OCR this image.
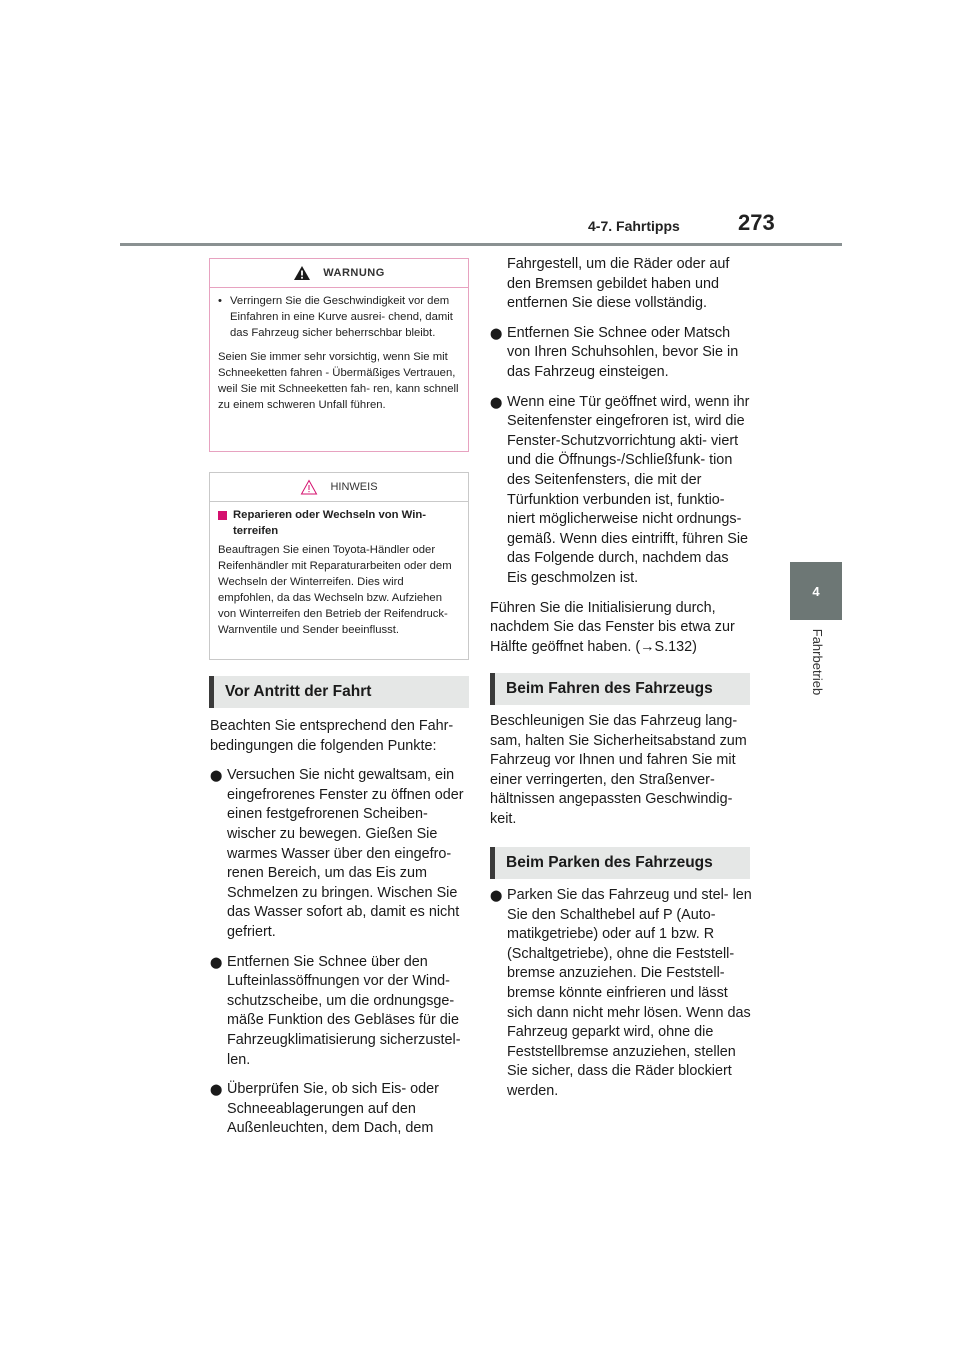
4-7. Fahrtipps	273
4
Fahrbetrieb
WARNUNG
• Verringern Sie die Geschwindigkeit vor dem Einfahren in eine Kurve ausrei- chend, damit das Fahrzeug sicher beherrschbar bleibt.
Seien Sie immer sehr vorsichtig, wenn Sie mit Schneeketten fahren - Übermäßiges Vertrauen, weil Sie mit Schneeketten fah- ren, kann schnell zu einem schweren Unfall führen.
HINWEIS
Reparieren oder Wechseln von Win- terreifen
Beauftragen Sie einen Toyota-Händler oder Reifenhändler mit Reparaturarbeiten oder dem Wechseln der Winterreifen. Dies wird empfohlen, da das Wechseln bzw. Aufziehen von Winterreifen den Betrieb der Reifendruck-Warnventile und Sender beeinflusst.
Vor Antritt der Fahrt

Beachten Sie entsprechend den Fahr- bedingungen die folgenden Punkte:

⬤ Versuchen Sie nicht gewaltsam, ein eingefrorenes Fenster zu öffnen oder einen festgefrorenen Scheiben- wischer zu bewegen. Gießen Sie warmes Wasser über den eingefro- renen Bereich, um das Eis zum Schmelzen zu bringen. Wischen Sie das Wasser sofort ab, damit es nicht gefriert.
⬤ Entfernen Sie Schnee über den Lufteinlassöffnungen vor der Wind- schutzscheibe, um die ordnungsge- mäße Funktion des Gebläses für die Fahrzeugklimatisierung sicherzustel- len.
⬤ Überprüfen Sie, ob sich Eis- oder Schneeablagerungen auf den Außenleuchten, dem Dach, dem
Fahrgestell, um die Räder oder auf den Bremsen gebildet haben und entfernen Sie diese vollständig.
⬤ Entfernen Sie Schnee oder Matsch von Ihren Schuhsohlen, bevor Sie in das Fahrzeug einsteigen.
⬤ Wenn eine Tür geöffnet wird, wenn ihr Seitenfenster eingefroren ist, wird die Fenster-Schutzvorrichtung akti- viert und die Öffnungs-/Schließfunk- tion des Seitenfensters, die mit der Türfunktion verbunden ist, funktio- niert möglicherweise nicht ordnungs- gemäß. Wenn dies eintrifft, führen Sie das Folgende durch, nachdem das Eis geschmolzen ist.

Führen Sie die Initialisierung durch, nachdem Sie das Fenster bis etwa zur Hälfte geöffnet haben. (→S.132)

Beim Fahren des Fahrzeugs

Beschleunigen Sie das Fahrzeug lang- sam, halten Sie Sicherheitsabstand zum Fahrzeug vor Ihnen und fahren Sie mit einer verringerten, den Straßenver- hältnissen angepassten Geschwindig- keit.

Beim Parken des Fahrzeugs
⬤ Parken Sie das Fahrzeug und stel- len Sie den Schalthebel auf P (Auto- matikgetriebe) oder auf 1 bzw. R (Schaltgetriebe), ohne die Feststell- bremse anzuziehen. Die Feststell- bremse könnte einfrieren und lässt sich dann nicht mehr lösen. Wenn das Fahrzeug geparkt wird, ohne die Feststellbremse anzuziehen, stellen Sie sicher, dass die Räder blockiert werden.
